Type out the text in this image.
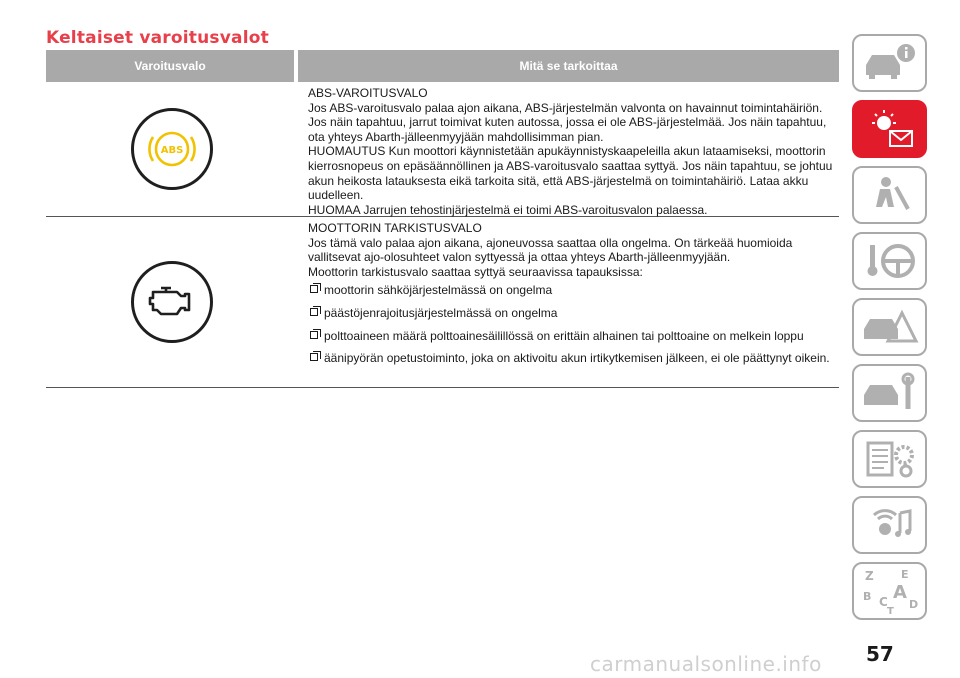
Keltaiset varoitusvalot
Varoitusvalo	Mitä se tarkoittaa
ABS

ABS-VAROITUSVALO

Jos ABS-varoitusvalo palaa ajon aikana, ABS-järjestelmän valvonta on havainnut toimintahäiriön. Jos näin tapahtuu, jarrut toimivat kuten autossa, jossa ei ole ABS-järjestelmää. Jos näin tapahtuu, ota yhteys Abarth-jälleenmyyjään mahdollisimman pian.

HUOMAUTUS Kun moottori käynnistetään apukäynnistyskaapeleilla akun lataamiseksi, moottorin kierrosnopeus on epäsäännöllinen ja ABS-varoitusvalo saattaa syttyä. Jos näin tapahtuu, se johtuu akun heikosta latauksesta eikä tarkoita sitä, että ABS-järjestelmä on toimintahäiriö. Lataa akku uudelleen.

HUOMAA Jarrujen tehostinjärjestelmä ei toimi ABS-varoitusvalon palaessa.

MOOTTORIN TARKISTUSVALO

Jos tämä valo palaa ajon aikana, ajoneuvossa saattaa olla ongelma. On tärkeää huomioida vallitsevat ajo-olosuhteet valon syttyessä ja ottaa yhteys Abarth-jälleenmyyjään.

Moottorin tarkistusvalo saattaa syttyä seuraavissa tapauksissa:

moottorin sähköjärjestelmässä on ongelma
päästöjenrajoitusjärjestelmässä on ongelma
polttoaineen määrä polttoainesäilillössä on erittäin alhainen tai polttoaine on melkein loppu
äänipyörän opetustoiminto, joka on aktivoitu akun irtikytkemisen jälkeen, ei ole päättynyt oikein.
Z E
B A
C D
T
57
carmanualsonline.info
